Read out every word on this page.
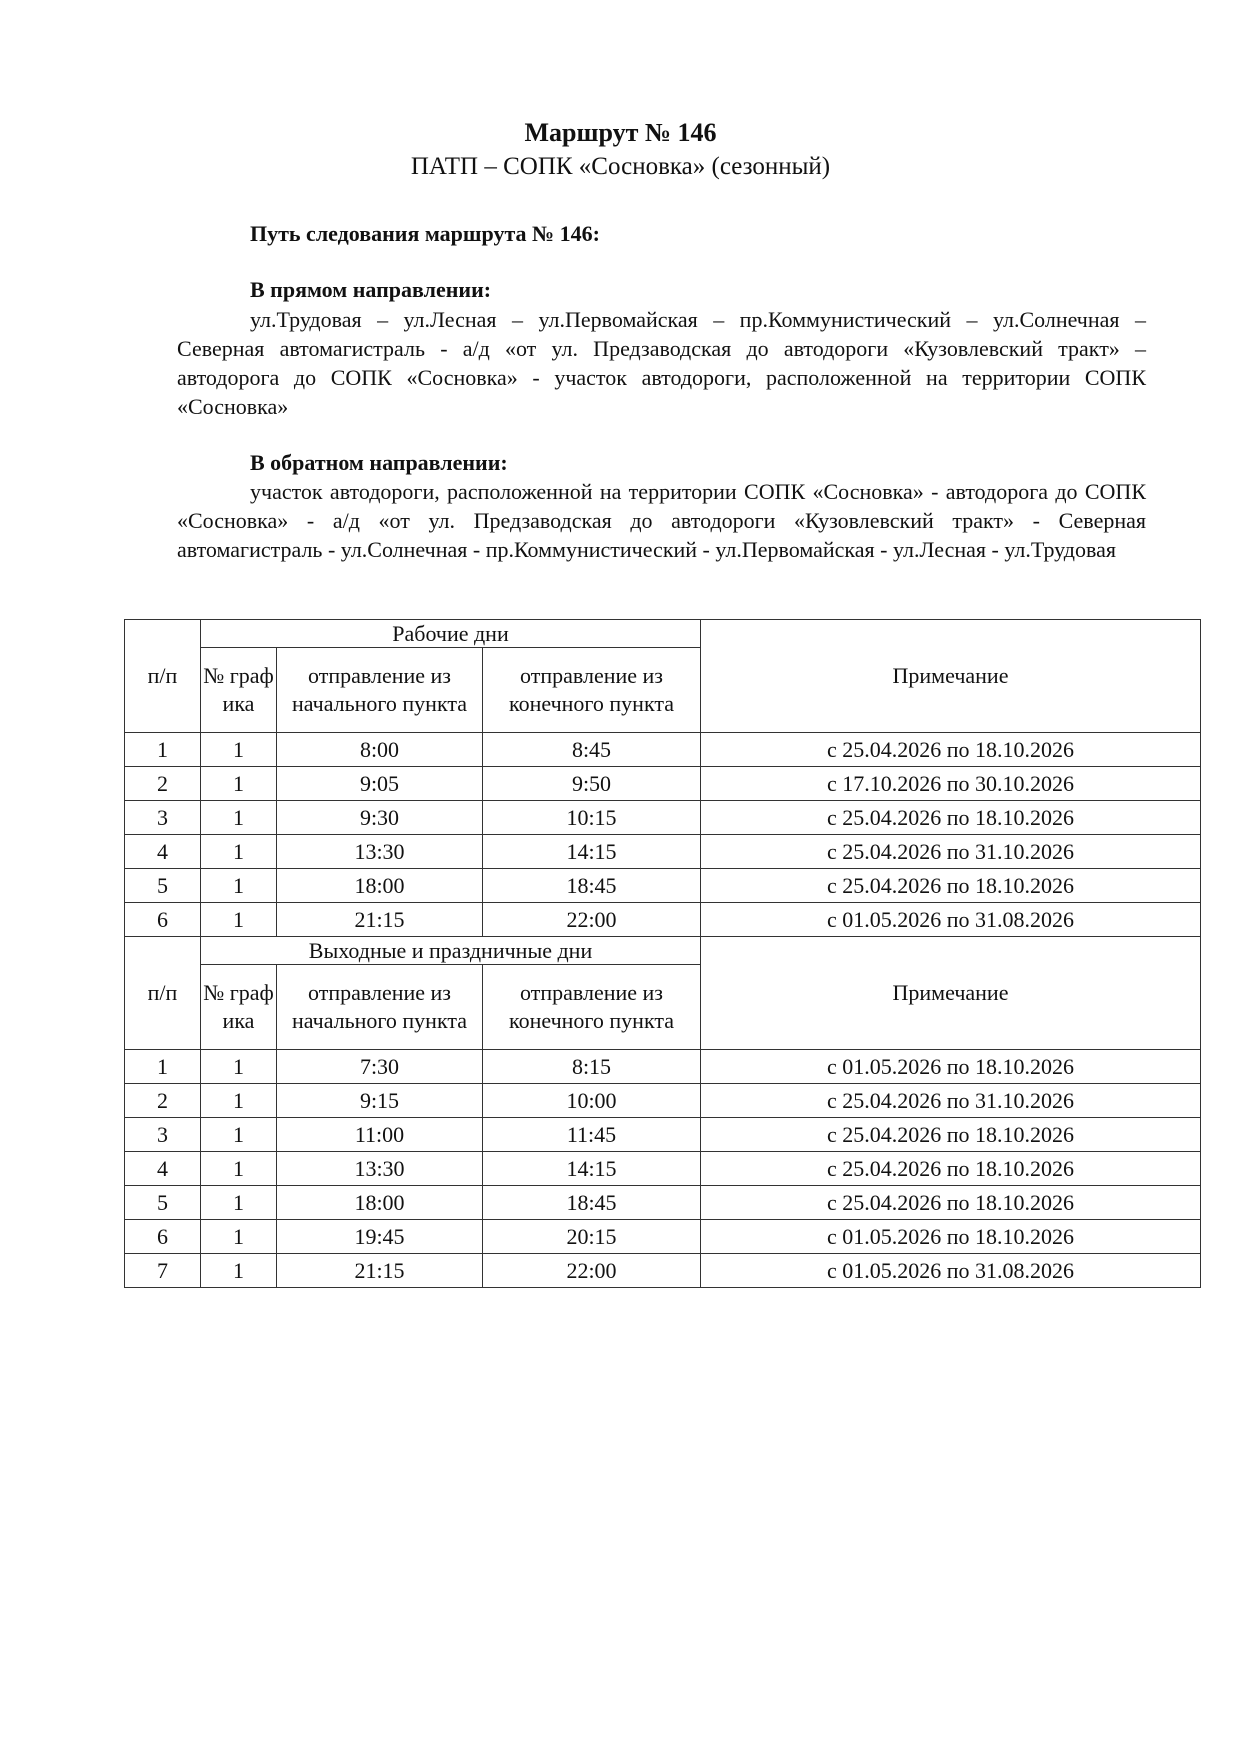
Маршрут № 146
ПАТП – СОПК «Сосновка» (сезонный)
Путь следования маршрута № 146:
В прямом направлении:
ул.Трудовая – ул.Лесная – ул.Первомайская – пр.Коммунистический – ул.Солнечная – Северная автомагистраль - а/д «от ул. Предзаводская до автодороги «Кузовлевский тракт» – автодорога до СОПК «Сосновка» - участок автодороги, расположенной на территории СОПК «Сосновка»
В обратном направлении:
участок автодороги, расположенной на территории СОПК «Сосновка» - автодорога до СОПК «Сосновка» - а/д «от ул. Предзаводская до автодороги «Кузовлевский тракт» - Северная автомагистраль - ул.Солнечная - пр.Коммунистический - ул.Первомайская - ул.Лесная - ул.Трудовая
п/п	Рабочие дни			Примечание
	№ граф ика	отправление из начального пункта	отправление из конечного пункта	
1	1	8:00	8:45	с 25.04.2026 по 18.10.2026
2	1	9:05	9:50	с 17.10.2026 по 30.10.2026
3	1	9:30	10:15	с 25.04.2026 по 18.10.2026
4	1	13:30	14:15	с 25.04.2026 по 31.10.2026
5	1	18:00	18:45	с 25.04.2026 по 18.10.2026
6	1	21:15	22:00	с 01.05.2026 по 31.08.2026
п/п	Выходные и праздничные дни			Примечание
	№ граф ика	отправление из начального пункта	отправление из конечного пункта	
1	1	7:30	8:15	с 01.05.2026 по 18.10.2026
2	1	9:15	10:00	с 25.04.2026 по 31.10.2026
3	1	11:00	11:45	с 25.04.2026 по 18.10.2026
4	1	13:30	14:15	с 25.04.2026 по 18.10.2026
5	1	18:00	18:45	с 25.04.2026 по 18.10.2026
6	1	19:45	20:15	с 01.05.2026 по 18.10.2026
7	1	21:15	22:00	с 01.05.2026 по 31.08.2026
